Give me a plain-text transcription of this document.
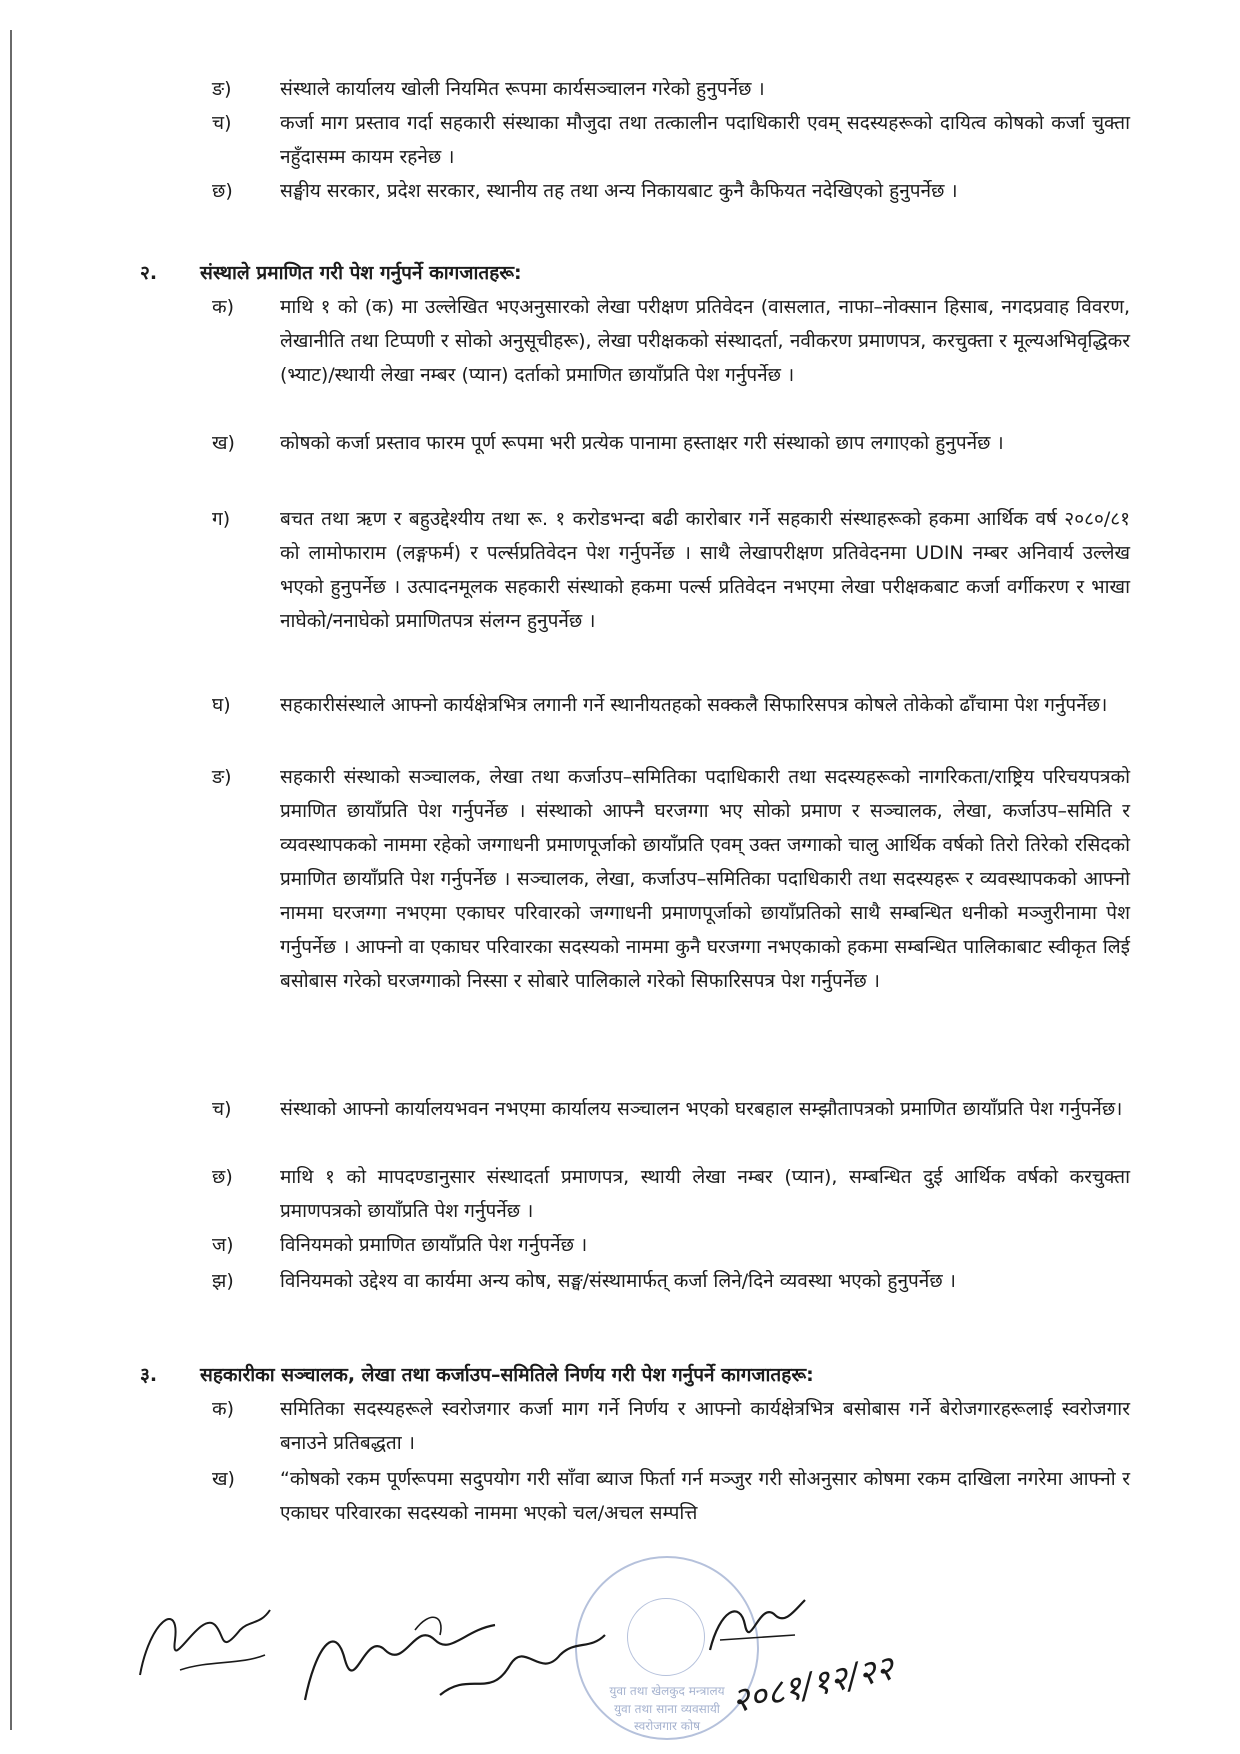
ङ)	संस्थाले कार्यालय खोली नियमित रूपमा कार्यसञ्चालन गरेको हुनुपर्नेछ ।
च)	कर्जा माग प्रस्ताव गर्दा सहकारी संस्थाका मौजुदा तथा तत्कालीन पदाधिकारी एवम् सदस्यहरूको दायित्व कोषको कर्जा चुक्ता नहुँदासम्म कायम रहनेछ ।
छ) सङ्घीय सरकार, प्रदेश सरकार, स्थानीय तह तथा अन्य निकायबाट कुनै कैफियत नदेखिएको हुनुपर्नेछ ।
२. संस्थाले प्रमाणित गरी पेश गर्नुपर्ने कागजातहरू:
क) माथि १ को (क) मा उल्लेखित भएअनुसारको लेखा परीक्षण प्रतिवेदन (वासलात, नाफा–नोक्सान हिसाब, नगदप्रवाह विवरण, लेखानीति तथा टिप्पणी र सोको अनुसूचीहरू), लेखा परीक्षकको संस्थादर्ता, नवीकरण प्रमाणपत्र, करचुक्ता र मूल्यअभिवृद्धिकर (भ्याट)/स्थायी लेखा नम्बर (प्यान) दर्ताको प्रमाणित छायाँप्रति पेश गर्नुपर्नेछ ।
ख) कोषको कर्जा प्रस्ताव फारम पूर्ण रूपमा भरी प्रत्येक पानामा हस्ताक्षर गरी संस्थाको छाप लगाएको हुनुपर्नेछ ।
ग)	बचत तथा ऋण र बहुउद्देश्यीय तथा रू. १ करोडभन्दा बढी कारोबार गर्ने सहकारी संस्थाहरूको हकमा आर्थिक वर्ष २०८०/८१ को लामोफाराम (लङ्गफर्म) र पर्ल्सप्रतिवेदन पेश गर्नुपर्नेछ । साथै लेखापरीक्षण प्रतिवेदनमा UDIN नम्बर अनिवार्य उल्लेख भएको हुनुपर्नेछ । उत्पादनमूलक सहकारी संस्थाको हकमा पर्ल्स प्रतिवेदन नभएमा लेखा परीक्षकबाट कर्जा वर्गीकरण र भाखा नाघेको/ननाघेको प्रमाणितपत्र संलग्न हुनुपर्नेछ ।
घ)	सहकारीसंस्थाले आफ्नो कार्यक्षेत्रभित्र लगानी गर्ने स्थानीयतहको सक्कलै सिफारिसपत्र कोषले तोकेको ढाँचामा पेश गर्नुपर्नेछ।
ङ)	सहकारी संस्थाको सञ्चालक, लेखा तथा कर्जाउप–समितिका पदाधिकारी तथा सदस्यहरूको नागरिकता/राष्ट्रिय परिचयपत्रको प्रमाणित छायाँप्रति पेश गर्नुपर्नेछ । संस्थाको आफ्नै घरजग्गा भए सोको प्रमाण र सञ्चालक, लेखा, कर्जाउप–समिति र व्यवस्थापकको नाममा रहेको जग्गाधनी प्रमाणपूर्जाको छायाँप्रति एवम् उक्त जग्गाको चालु आर्थिक वर्षको तिरो तिरेको रसिदको प्रमाणित छायाँप्रति पेश गर्नुपर्नेछ । सञ्चालक, लेखा, कर्जाउप–समितिका पदाधिकारी तथा सदस्यहरू र व्यवस्थापकको आफ्नो नाममा घरजग्गा नभएमा एकाघर परिवारको जग्गाधनी प्रमाणपूर्जाको छायाँप्रतिको साथै सम्बन्धित धनीको मञ्जुरीनामा पेश गर्नुपर्नेछ । आफ्नो वा एकाघर परिवारका सदस्यको नाममा कुनै घरजग्गा नभएकाको हकमा सम्बन्धित पालिकाबाट स्वीकृत लिई बसोबास गरेको घरजग्गाको निस्सा र सोबारे पालिकाले गरेको सिफारिसपत्र पेश गर्नुपर्नेछ ।
च)	संस्थाको आफ्नो कार्यालयभवन नभएमा कार्यालय सञ्चालन भएको घरबहाल सम्झौतापत्रको प्रमाणित छायाँप्रति पेश गर्नुपर्नेछ।
छ) माथि १ को मापदण्डानुसार संस्थादर्ता प्रमाणपत्र, स्थायी लेखा नम्बर (प्यान), सम्बन्धित दुई आर्थिक वर्षको करचुक्ता प्रमाणपत्रको छायाँप्रति पेश गर्नुपर्नेछ ।
ज) विनियमको प्रमाणित छायाँप्रति पेश गर्नुपर्नेछ ।
झ) विनियमको उद्देश्य वा कार्यमा अन्य कोष, सङ्घ/संस्थामार्फत् कर्जा लिने/दिने व्यवस्था भएको हुनुपर्नेछ ।
३. सहकारीका सञ्चालक, लेखा तथा कर्जाउप–समितिले निर्णय गरी पेश गर्नुपर्ने कागजातहरू:
क) समितिका सदस्यहरूले स्वरोजगार कर्जा माग गर्ने निर्णय र आफ्नो कार्यक्षेत्रभित्र बसोबास गर्ने बेरोजगारहरूलाई स्वरोजगार बनाउने प्रतिबद्धता ।
ख) “कोषको रकम पूर्णरूपमा सदुपयोग गरी साँवा ब्याज फिर्ता गर्न मञ्जुर गरी सोअनुसार कोषमा रकम दाखिला नगरेमा आफ्नो र एकाघर परिवारका सदस्यको नाममा भएको चल/अचल सम्पत्ति
युवा तथा खेलकुद मन्त्रालय
युवा तथा साना व्यवसायी स्वरोजगार कोष
२०८१/१२/२२
